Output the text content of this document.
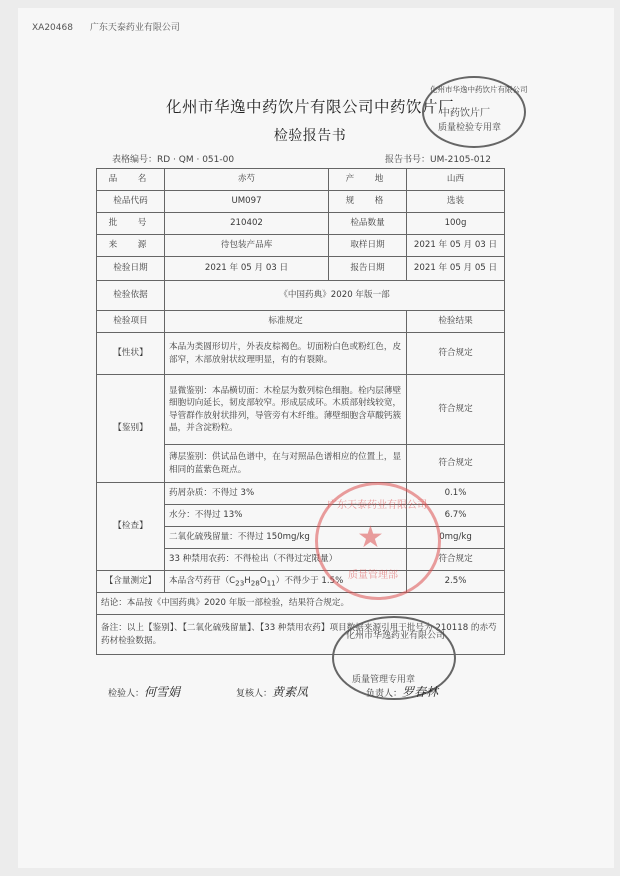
XA20468 广东天泰药业有限公司
化州市华逸中药饮片有限公司中药饮片厂
检验报告书
表格编号：RD · QM · 051-00	报告书号：UM-2105-012
品　名	赤芍	产　地	山西
检品代码	UM097	规　格	选装
批　号	210402	检品数量	100g
来　源	待包装产品库	取样日期	2021 年 05 月 03 日
检验日期	2021 年 05 月 03 日	报告日期	2021 年 05 月 05 日
检验依据	《中国药典》2020 年版一部		
检验项目	标准规定		检验结果
【性状】	本品为类圆形切片，外表皮棕褐色。切面粉白色或粉红色，皮部窄，木部放射状纹理明显，有的有裂隙。		符合规定
【鉴别】	显微鉴别：本品横切面：木栓层为数列棕色细胞。栓内层薄壁细胞切向延长，韧皮部较窄。形成层成环。木质部射线较宽，导管群作放射状排列，导管旁有木纤维。薄壁细胞含草酸钙簇晶，并含淀粉粒。		符合规定
	薄层鉴别：供试品色谱中，在与对照品色谱相应的位置上，显相同的蓝紫色斑点。		符合规定
【检查】	药屑杂质：不得过 3%		0.1%
	水分：不得过 13%		6.7%
	二氧化硫残留量：不得过 150mg/kg		0mg/kg
	33 种禁用农药：不得检出（不得过定限量）		符合规定
【含量测定】	本品含芍药苷$(C_{23}H_{28}O_{11})$不得少于 1.5%		2.5%
结论：本品按《中国药典》2020 年版一部检验，结果符合规定。			
备注：以上【鉴别】、【二氧化硫残留量】、【33 种禁用农药】项目数据来源引用于批号为 210118 的赤芍药材检验数据。			
化州市华逸中药饮片有限公司
中药饮片厂
质量检验专用章
★
广东天泰药业有限公司
质量管理部
化州市华逸药业有限公司
质量管理专用章
检验人：何雪娟	复核人：黄素凤	负责人：罗春林
